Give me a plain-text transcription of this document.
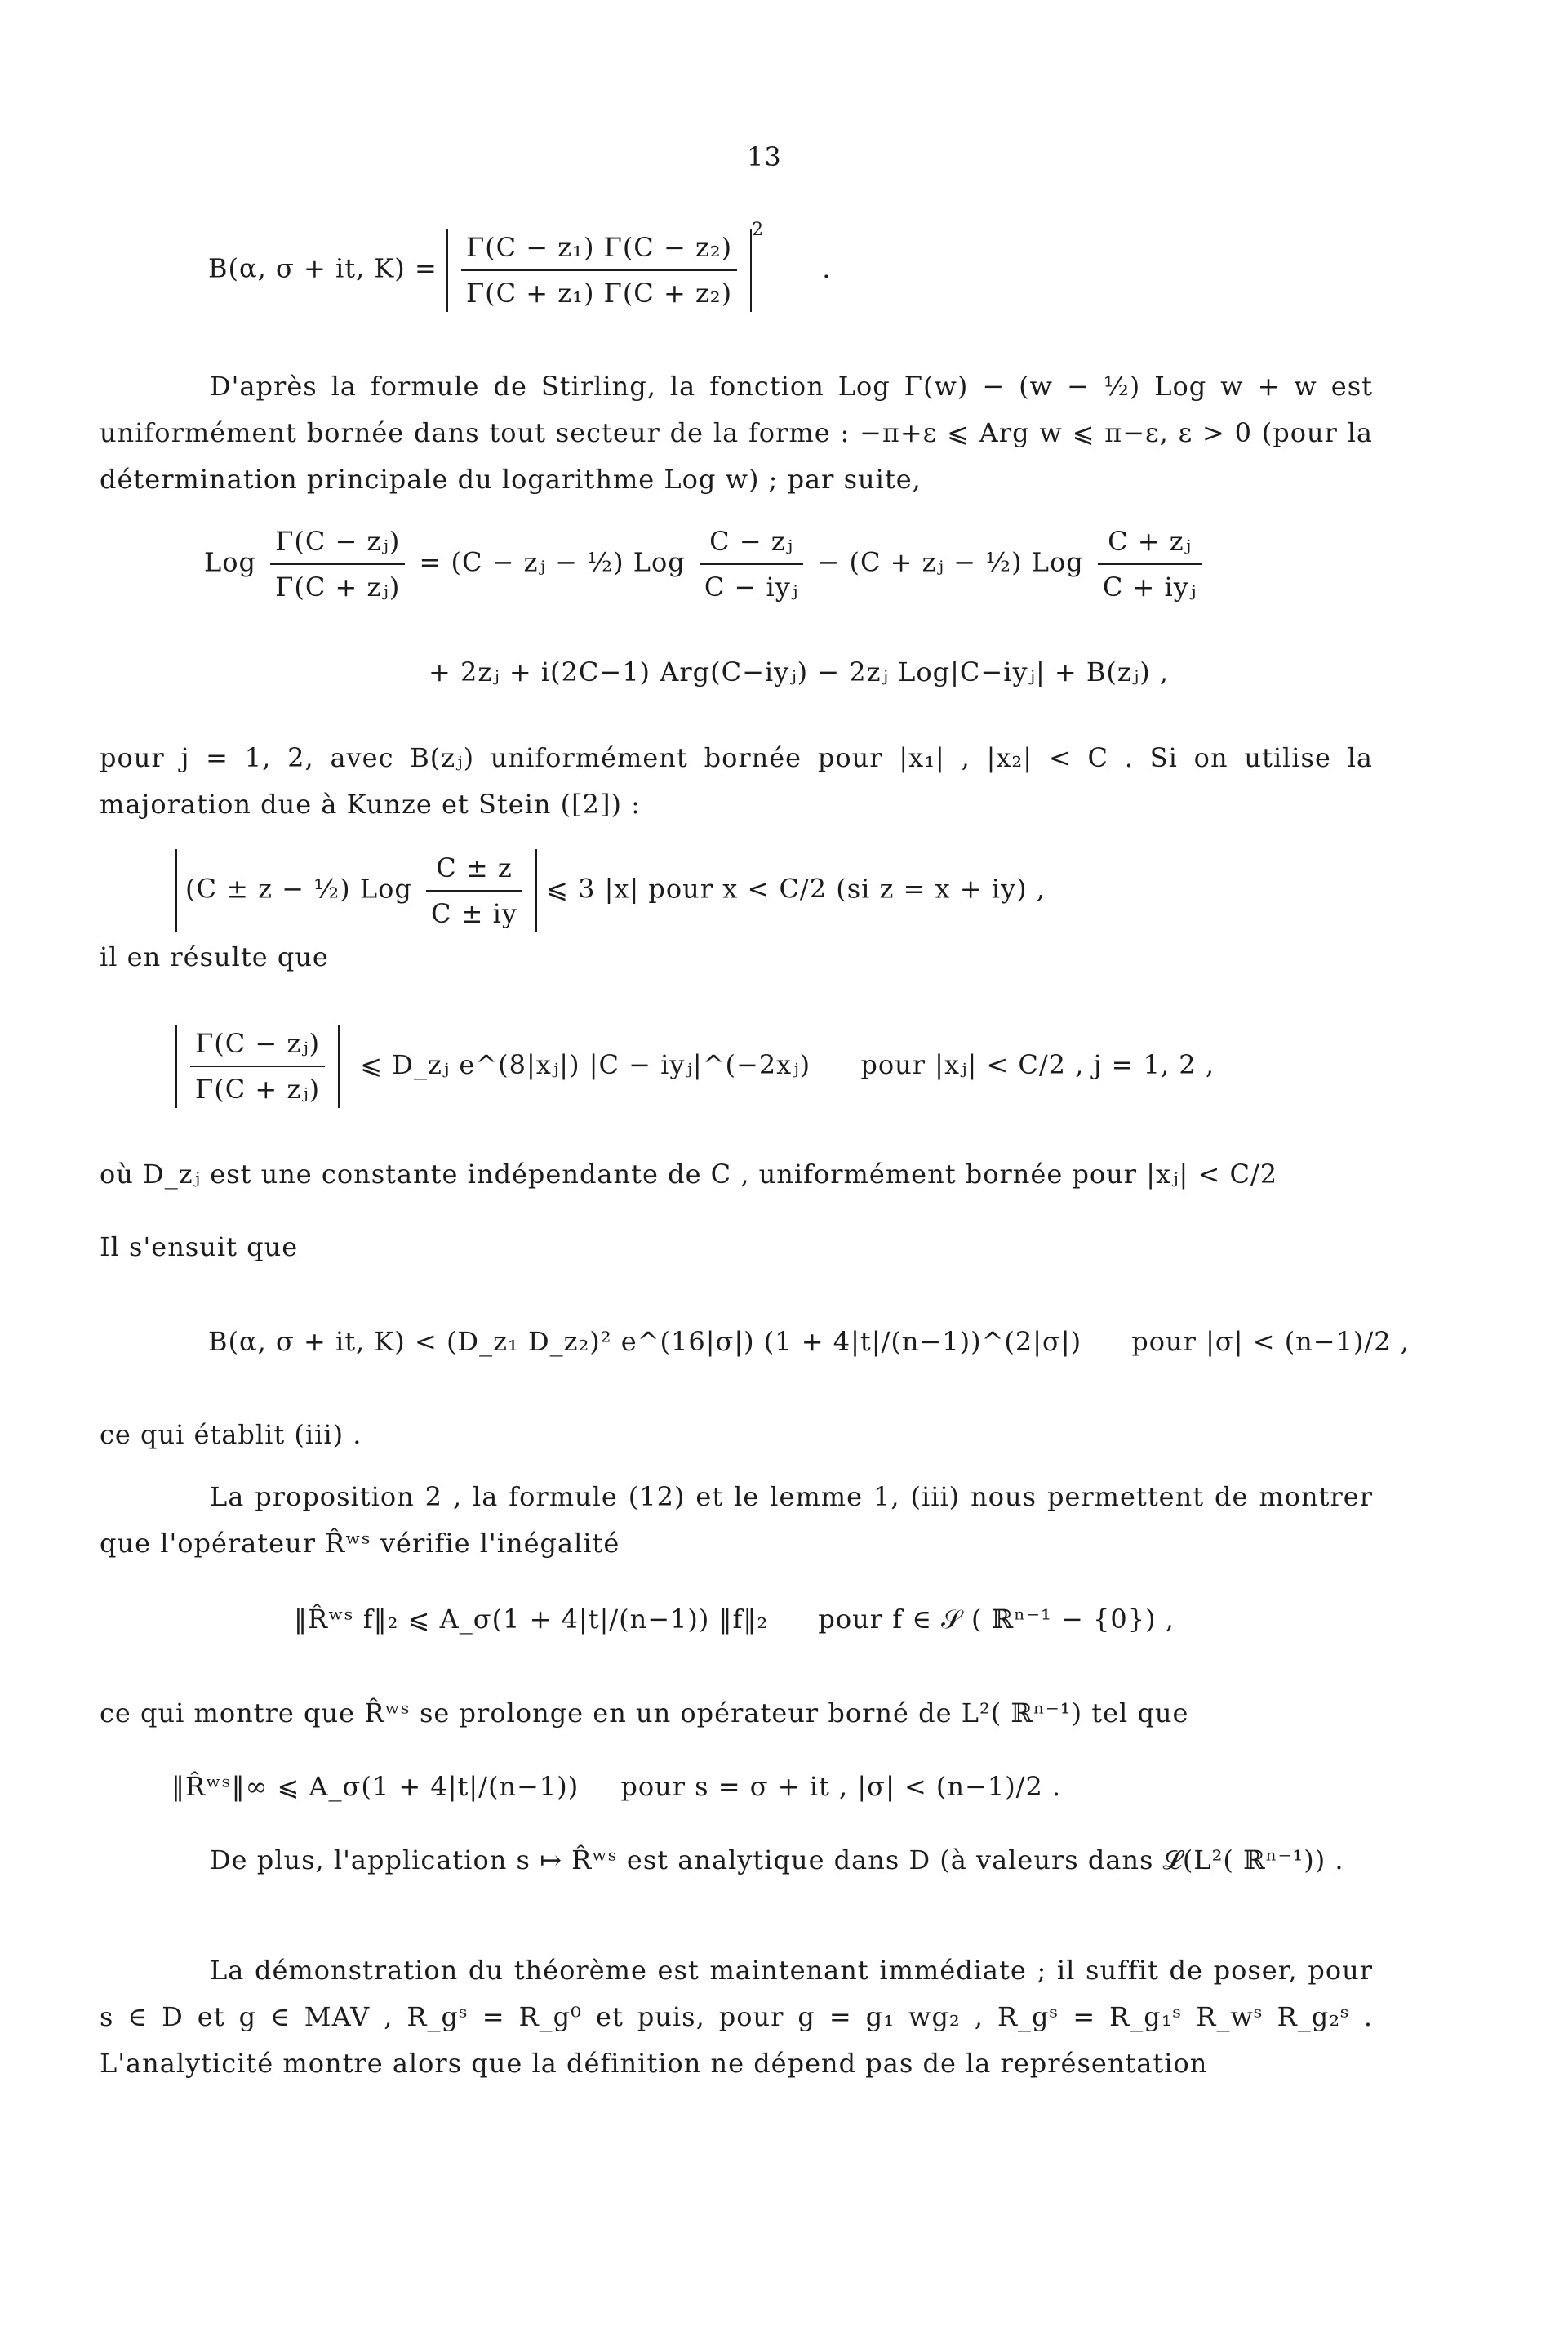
13
B(α, σ + it, $K) = \frac{\text{Γ(C − z₁) Γ(C − z₂)}}{\text{Γ(C + z₁) Γ(C + z₂)}} ^2$ .
D'après la formule de Stirling, la fonction Log Γ(w) − (w − ½) Log w + w est uniformément bornée dans tout secteur de la forme : −π+ε ⩽ Arg w ⩽ π−ε, ε > 0 (pour la détermination principale du logarithme Log w) ; par suite,
Log $\frac{\text{Γ(C − zⱼ)}}{\text{Γ(C + zⱼ)}} = (C$ − zⱼ − ½) Log
C − zⱼ
C − iyⱼ
− (C + zⱼ − ½) Log
C + zⱼ
C + iyⱼ
+ 2zⱼ + i(2C−1) Arg(C−iyⱼ) − 2zⱼ Log|C−iyⱼ| + B(zⱼ) ,
pour j = 1, 2, avec B(zⱼ) uniformément bornée pour |x₁| , |x₂| < C . Si on utilise la majoration due à Kunze et Stein ([2]) :
(C ± z − ½) Log $\frac{C \pm z}{C \pm iy}$ ⩽ 3 |x| pour x < C/2 (si z = x + iy) ,
il en résulte que
$\frac{\text{Γ(C − zⱼ)}}{\text{Γ(C + zⱼ)}}$ ⩽ D_zⱼ e^(8|xⱼ|) |C − iyⱼ|^(−2xⱼ) pour |xⱼ| < C/2 , j = 1, 2 ,
où D_zⱼ est une constante indépendante de C , uniformément bornée pour |xⱼ| < C/2
Il s'ensuit que
B(α, σ + it, K) < (D_z₁ D_z₂)² e^(16|σ|) (1 + 4|t|/(n−1))^(2|σ|) pour |σ| < (n−1)/2 ,
ce qui établit (iii) .
La proposition 2 , la formule (12) et le lemme 1, (iii) nous permettent de montrer que l'opérateur R̂ʷˢ vérifie l'inégalité
‖R̂ʷˢ f‖₂ ⩽ A_σ(1 + 4|t|/(n−1)) ‖f‖₂ pour f ∈ 𝒮 ( ℝⁿ⁻¹ − {0}) ,
ce qui montre que R̂ʷˢ se prolonge en un opérateur borné de L²( ℝⁿ⁻¹) tel que
‖R̂ʷˢ‖∞ ⩽ A_σ(1 + 4|t|/(n−1)) pour s = σ + it , |σ| < (n−1)/2 .
De plus, l'application s ↦ R̂ʷˢ est analytique dans D (à valeurs dans 𝓛(L²( ℝⁿ⁻¹)) .
La démonstration du théorème est maintenant immédiate ; il suffit de poser, pour s ∈ D et g ∈ MAV , R_gˢ = R_g⁰ et puis, pour g = g₁ wg₂ , R_gˢ = R_g₁ˢ R_wˢ R_g₂ˢ . L'analyticité montre alors que la définition ne dépend pas de la représentation
